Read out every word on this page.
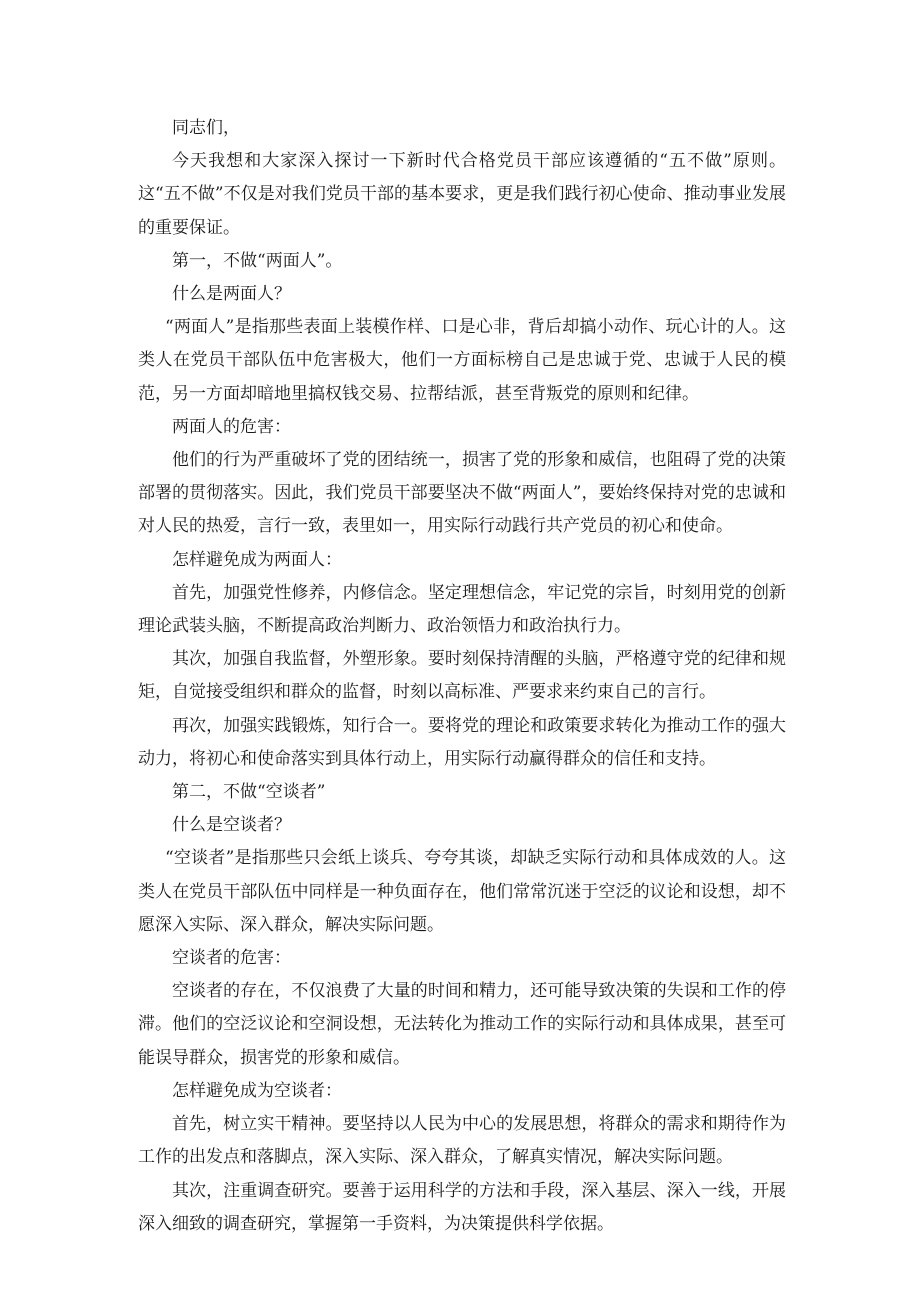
同志们，

今天我想和大家深入探讨一下新时代合格党员干部应该遵循的“五不做”原则。这“五不做”不仅是对我们党员干部的基本要求，更是我们践行初心使命、推动事业发展的重要保证。

第一，不做“两面人”。

什么是两面人？

“两面人”是指那些表面上装模作样、口是心非，背后却搞小动作、玩心计的人。这类人在党员干部队伍中危害极大，他们一方面标榜自己是忠诚于党、忠诚于人民的模范，另一方面却暗地里搞权钱交易、拉帮结派，甚至背叛党的原则和纪律。

两面人的危害：

他们的行为严重破坏了党的团结统一，损害了党的形象和威信，也阻碍了党的决策部署的贯彻落实。因此，我们党员干部要坚决不做“两面人”，要始终保持对党的忠诚和对人民的热爱，言行一致，表里如一，用实际行动践行共产党员的初心和使命。

怎样避免成为两面人：

首先，加强党性修养，内修信念。坚定理想信念，牢记党的宗旨，时刻用党的创新理论武装头脑，不断提高政治判断力、政治领悟力和政治执行力。

其次，加强自我监督，外塑形象。要时刻保持清醒的头脑，严格遵守党的纪律和规矩，自觉接受组织和群众的监督，时刻以高标准、严要求来约束自己的言行。

再次，加强实践锻炼，知行合一。要将党的理论和政策要求转化为推动工作的强大动力，将初心和使命落实到具体行动上，用实际行动赢得群众的信任和支持。

第二，不做“空谈者”

什么是空谈者？

“空谈者”是指那些只会纸上谈兵、夸夸其谈，却缺乏实际行动和具体成效的人。这类人在党员干部队伍中同样是一种负面存在，他们常常沉迷于空泛的议论和设想，却不愿深入实际、深入群众，解决实际问题。

空谈者的危害：

空谈者的存在，不仅浪费了大量的时间和精力，还可能导致决策的失误和工作的停滞。他们的空泛议论和空洞设想，无法转化为推动工作的实际行动和具体成果，甚至可能误导群众，损害党的形象和威信。

怎样避免成为空谈者：

首先，树立实干精神。要坚持以人民为中心的发展思想，将群众的需求和期待作为工作的出发点和落脚点，深入实际、深入群众，了解真实情况，解决实际问题。

其次，注重调查研究。要善于运用科学的方法和手段，深入基层、深入一线，开展深入细致的调查研究，掌握第一手资料，为决策提供科学依据。
